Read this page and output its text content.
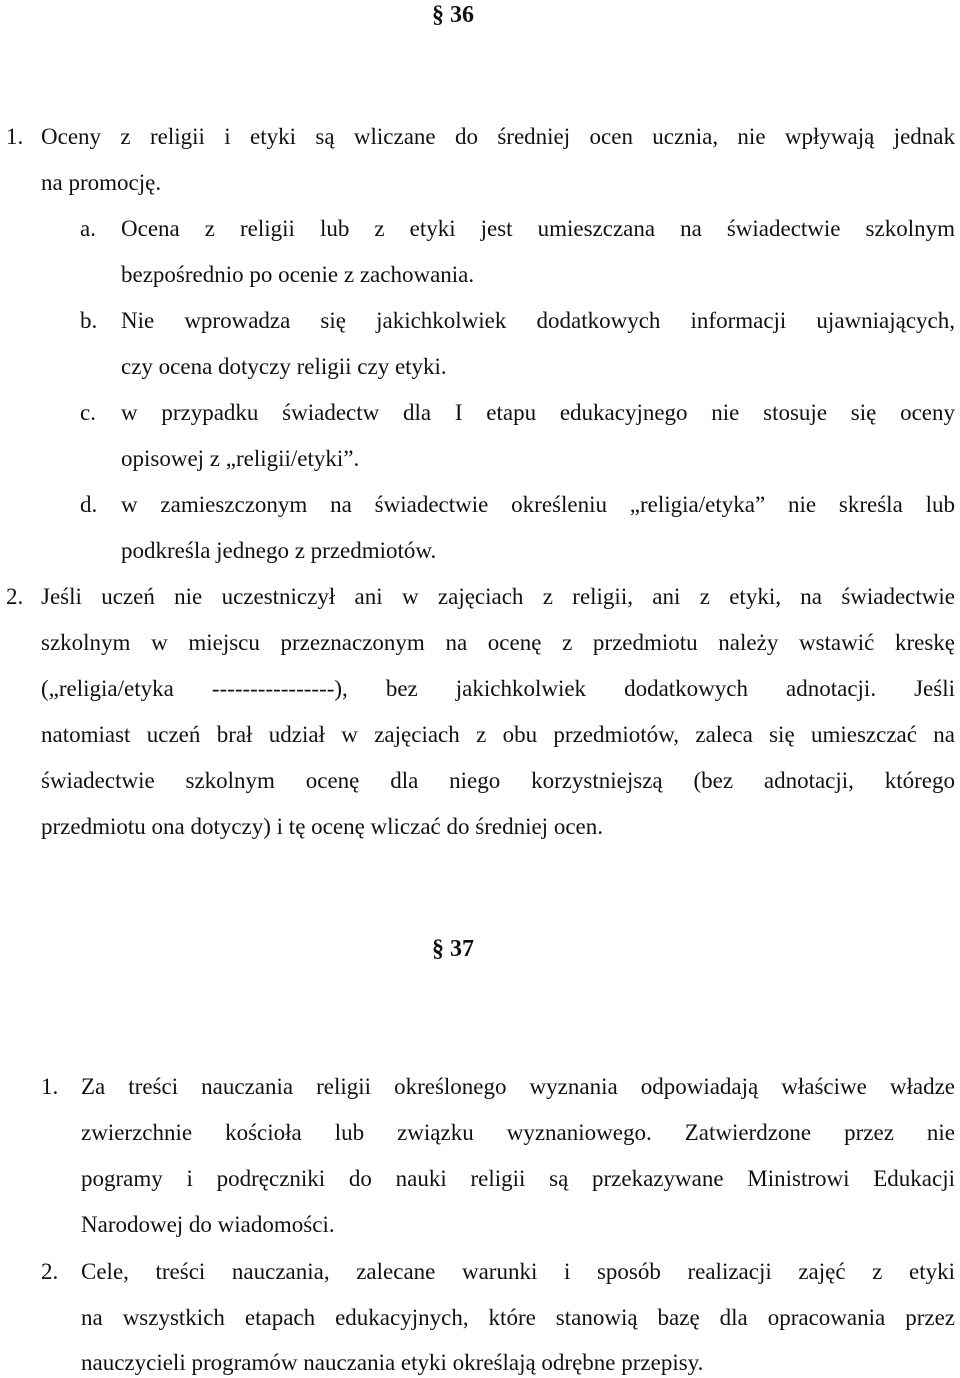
§ 36
1. Oceny z religii i etyki są wliczane do średniej ocen ucznia, nie wpływają jednak
na promocję.
a. Ocena z religii lub z etyki jest umieszczana na świadectwie szkolnym
bezpośrednio po ocenie z zachowania.
b. Nie wprowadza się jakichkolwiek dodatkowych informacji ujawniających,
czy ocena dotyczy religii czy etyki.
c. w przypadku świadectw dla I etapu edukacyjnego nie stosuje się oceny
opisowej z „religii/etyki”.
d. w zamieszczonym na świadectwie określeniu „religia/etyka” nie skreśla lub
podkreśla jednego z przedmiotów.
2. Jeśli uczeń nie uczestniczył ani w zajęciach z religii, ani z etyki, na świadectwie
szkolnym w miejscu przeznaczonym na ocenę z przedmiotu należy wstawić kreskę
(„religia/etyka ----------------), bez jakichkolwiek dodatkowych adnotacji. Jeśli
natomiast uczeń brał udział w zajęciach z obu przedmiotów, zaleca się umieszczać na
świadectwie szkolnym ocenę dla niego korzystniejszą (bez adnotacji, którego
przedmiotu ona dotyczy) i tę ocenę wliczać do średniej ocen.
§ 37
1. Za treści nauczania religii określonego wyznania odpowiadają właściwe władze
zwierzchnie kościoła lub związku wyznaniowego. Zatwierdzone przez nie
pogramy i podręczniki do nauki religii są przekazywane Ministrowi Edukacji
Narodowej do wiadomości.
2. Cele, treści nauczania, zalecane warunki i sposób realizacji zajęć z etyki
na wszystkich etapach edukacyjnych, które stanowią bazę dla opracowania przez
nauczycieli programów nauczania etyki określają odrębne przepisy.
